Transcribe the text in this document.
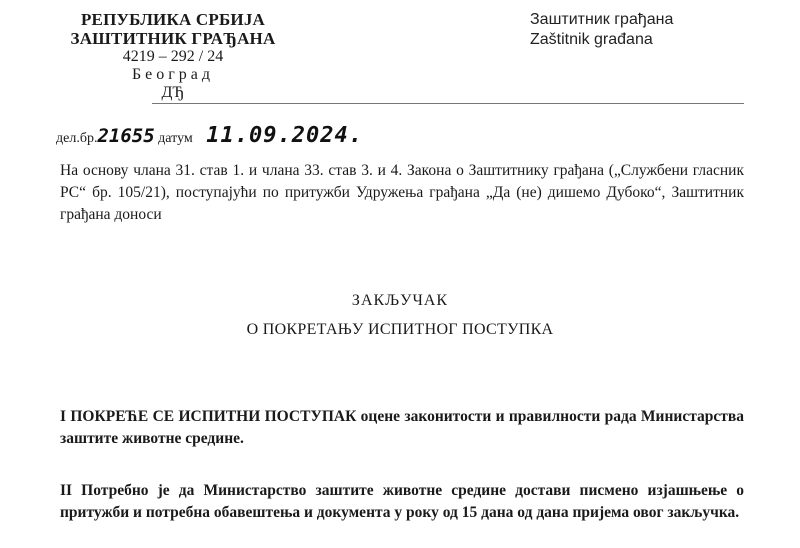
РЕПУБЛИКА СРБИЈА
ЗАШТИТНИК ГРАЂАНА
4219 – 292 / 24
Београд
ДЂ
Заштитник грађана
Zaštitnik građana
дел.бр.21655 датум 11.09.2024.
На основу члана 31. став 1. и члана 33. став 3. и 4. Закона о Заштитнику грађана („Службени гласник РС“ бр. 105/21), поступајући по притужби Удружења грађана „Да (не) дишемо Дубоко“, Заштитник грађана доноси
ЗАКЉУЧАК
О ПОКРЕТАЊУ ИСПИТНОГ ПОСТУПКА
I ПОКРЕЋЕ СЕ ИСПИТНИ ПОСТУПАК оцене законитости и правилности рада Министарства заштите животне средине.
II Потребно је да Министарство заштите животне средине достави писмено изјашњење о притужби и потребна обавештења и документа у року од 15 дана од дана пријема овог закључка.
